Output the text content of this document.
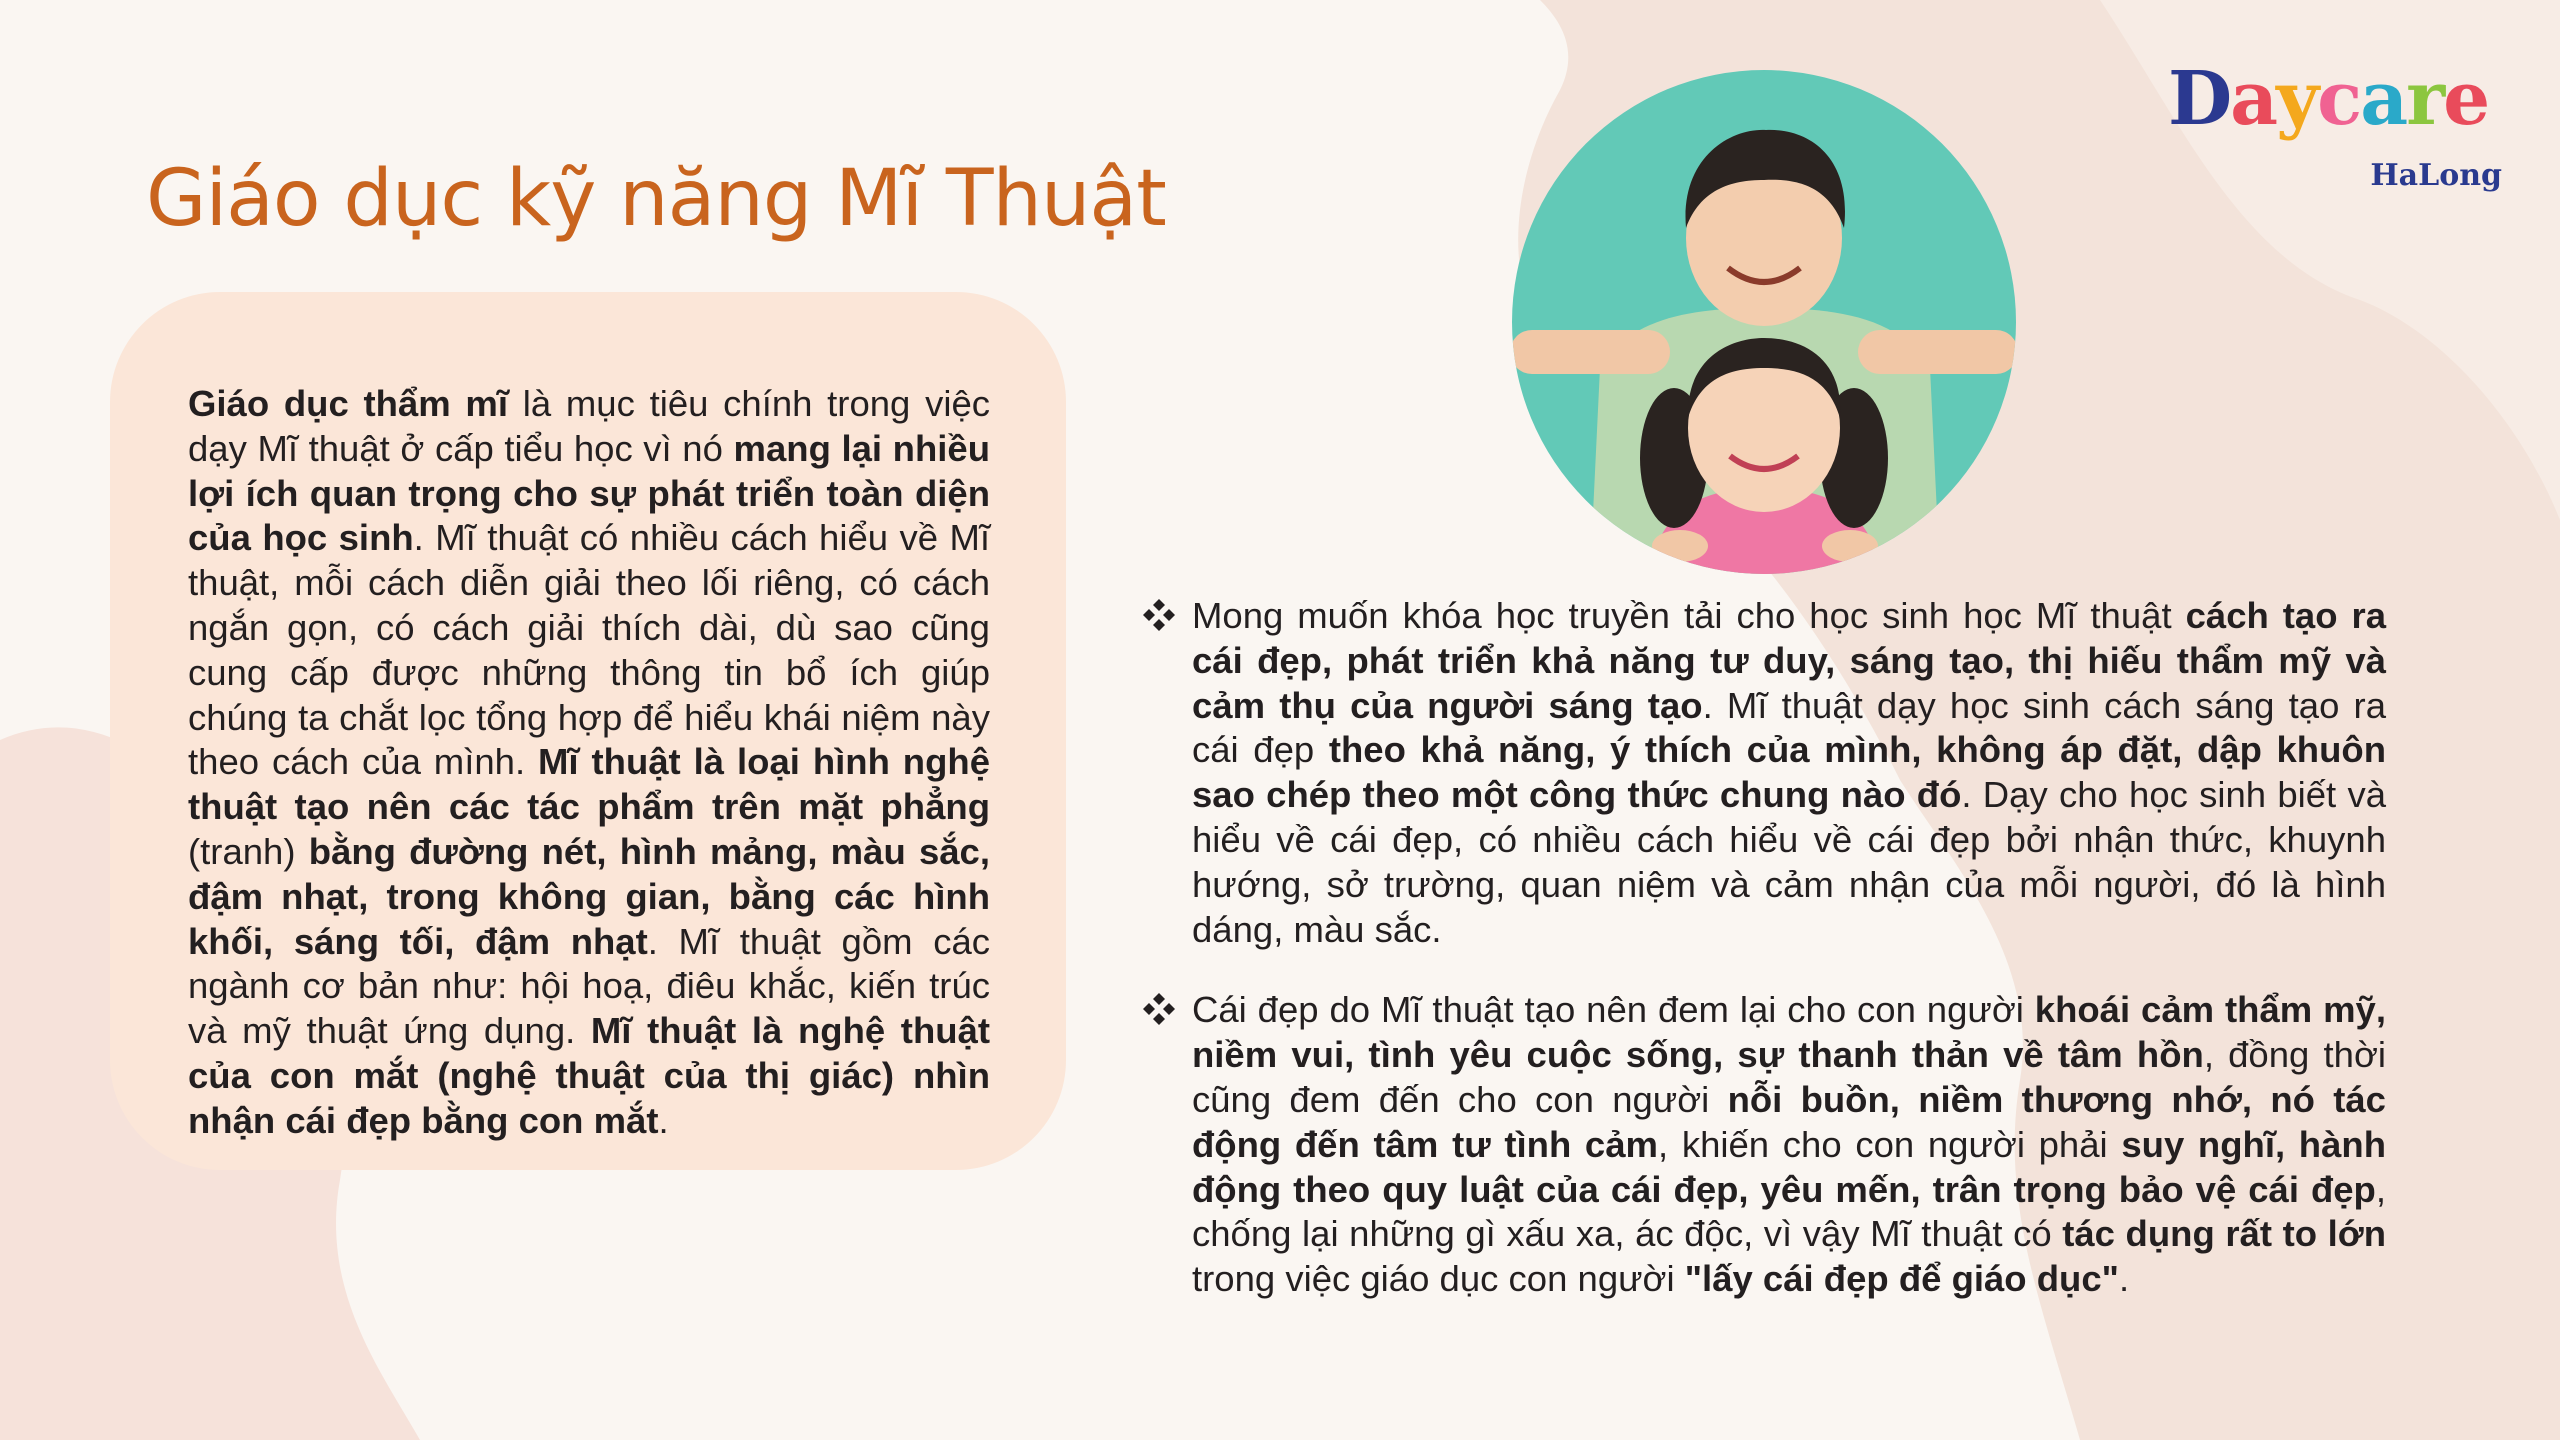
Daycare
HaLong
Giáo dục kỹ năng Mĩ Thuật

Giáo dục thẩm mĩ là mục tiêu chính trong việc dạy Mĩ thuật ở cấp tiểu học vì nó mang lại nhiều lợi ích quan trọng cho sự phát triển toàn diện của học sinh. Mĩ thuật có nhiều cách hiểu về Mĩ thuật, mỗi cách diễn giải theo lối riêng, có cách ngắn gọn, có cách giải thích dài, dù sao cũng cung cấp được những thông tin bổ ích giúp chúng ta chắt lọc tổng hợp để hiểu khái niệm này theo cách của mình. Mĩ thuật là loại hình nghệ thuật tạo nên các tác phẩm trên mặt phẳng (tranh) bằng đường nét, hình mảng, màu sắc, đậm nhạt, trong không gian, bằng các hình khối, sáng tối, đậm nhạt. Mĩ thuật gồm các ngành cơ bản như: hội hoạ, điêu khắc, kiến trúc và mỹ thuật ứng dụng. Mĩ thuật là nghệ thuật của con mắt (nghệ thuật của thị giác) nhìn nhận cái đẹp bằng con mắt.

Mong muốn khóa học truyền tải cho học sinh học Mĩ thuật cách tạo ra cái đẹp, phát triển khả năng tư duy, sáng tạo, thị hiếu thẩm mỹ và cảm thụ của người sáng tạo. Mĩ thuật dạy học sinh cách sáng tạo ra cái đẹp theo khả năng, ý thích của mình, không áp đặt, dập khuôn sao chép theo một công thức chung nào đó. Dạy cho học sinh biết và hiểu về cái đẹp, có nhiều cách hiểu về cái đẹp bởi nhận thức, khuynh hướng, sở trường, quan niệm và cảm nhận của mỗi người, đó là hình dáng, màu sắc.
Cái đẹp do Mĩ thuật tạo nên đem lại cho con người khoái cảm thẩm mỹ, niềm vui, tình yêu cuộc sống, sự thanh thản về tâm hồn, đồng thời cũng đem đến cho con người nỗi buồn, niềm thương nhớ, nó tác động đến tâm tư tình cảm, khiến cho con người phải suy nghĩ, hành động theo quy luật của cái đẹp, yêu mến, trân trọng bảo vệ cái đẹp, chống lại những gì xấu xa, ác độc, vì vậy Mĩ thuật có tác dụng rất to lớn trong việc giáo dục con người "lấy cái đẹp để giáo dục".
